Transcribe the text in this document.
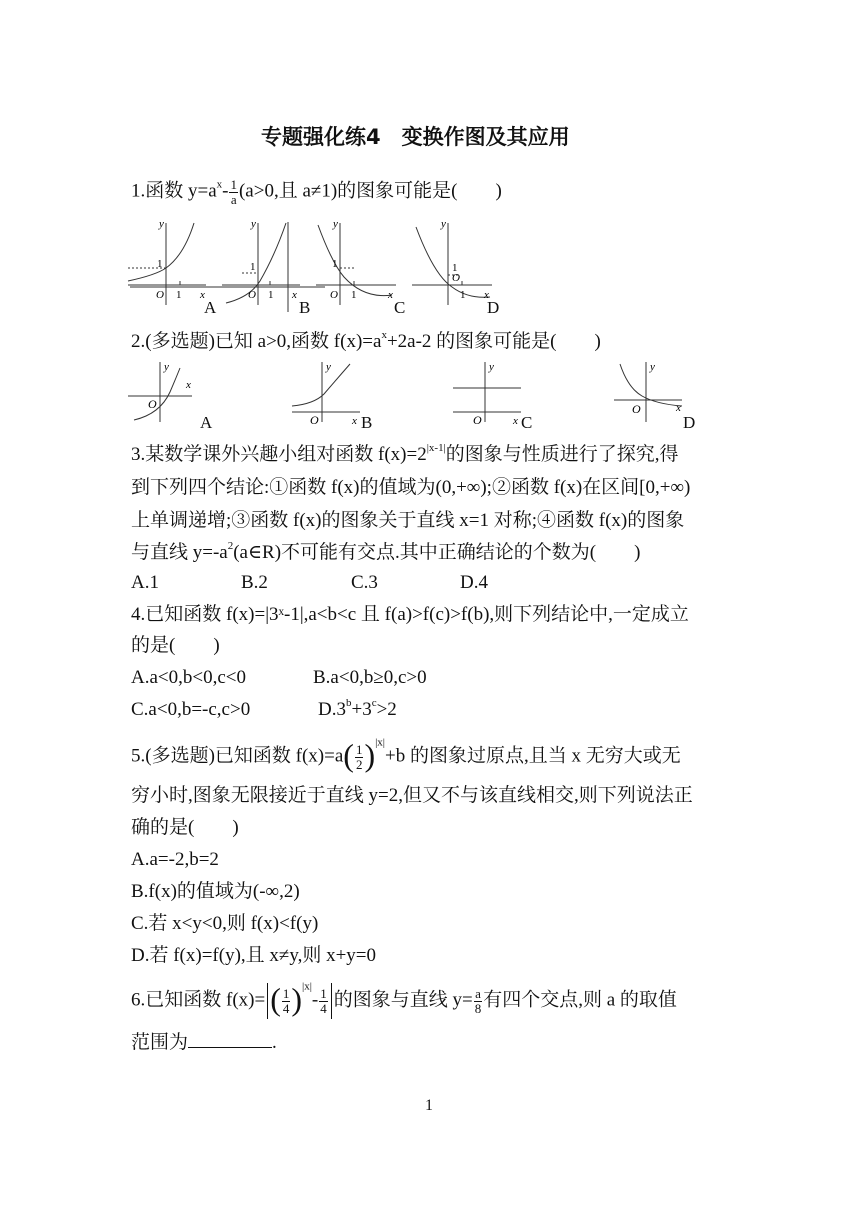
专题强化练4　变换作图及其应用
1.函数 $y=a^x- \frac{1}{a} (a>0$,且 a≠1)的图象可能是(　　)
y
x
O
1
1
y
x
O
1
1
y
x
O
1
1
y
x
O
1
1
A	B	C	D
2.(多选题)已知 a>0,函数 $f(x)=a^x+2a-2$ 的图象可能是(　　)
y
x
O
y
x
O
y
x
O
y
x
O
A	B	C	D
3.某数学课外兴趣小组对函数 $f(x)=2^{|x-1|}$的图象与性质进行了探究,得
到下列四个结论:①函数 f(x)的值域为(0,+∞);②函数 f(x)在区间[0,+∞)
上单调递增;③函数 f(x)的图象关于直线 x=1 对称;④函数 f(x)的图象
与直线 $y=-a^2(a\in R)$不可能有交点.其中正确结论的个数为(　　)
A.1	B.2	C.3	D.4
4.已知函数 f(x)=|3ˣ-1|,a<b<c 且 f(a)>f(c)>f(b),则下列结论中,一定成立
的是(　　)
A.a<0,b<0,c<0	B.a<0,b≥0,c>0
C.a<0,b=-c,c>0	$D.3^b+3^c>2$
5.(多选题)已知函数 $f(x)=a( \frac{1}{2} )^{|x|}+b$ 的图象过原点,且当 x 无穷大或无
穷小时,图象无限接近于直线 y=2,但又不与该直线相交,则下列说法正
确的是(　　)
A.a=-2,b=2
B.f(x)的值域为(-∞,2)
C.若 x<y<0,则 f(x)<f(y)
D.若 f(x)=f(y),且 x≠y,则 x+y=0
6.已知函数 f(x)= ( $\frac{1}{4} )^{|x|}- \frac{1}{4}$ 的图象与直线 $y= \frac{a}{8}$ 有四个交点,则 a 的取值
范围为	.
1
